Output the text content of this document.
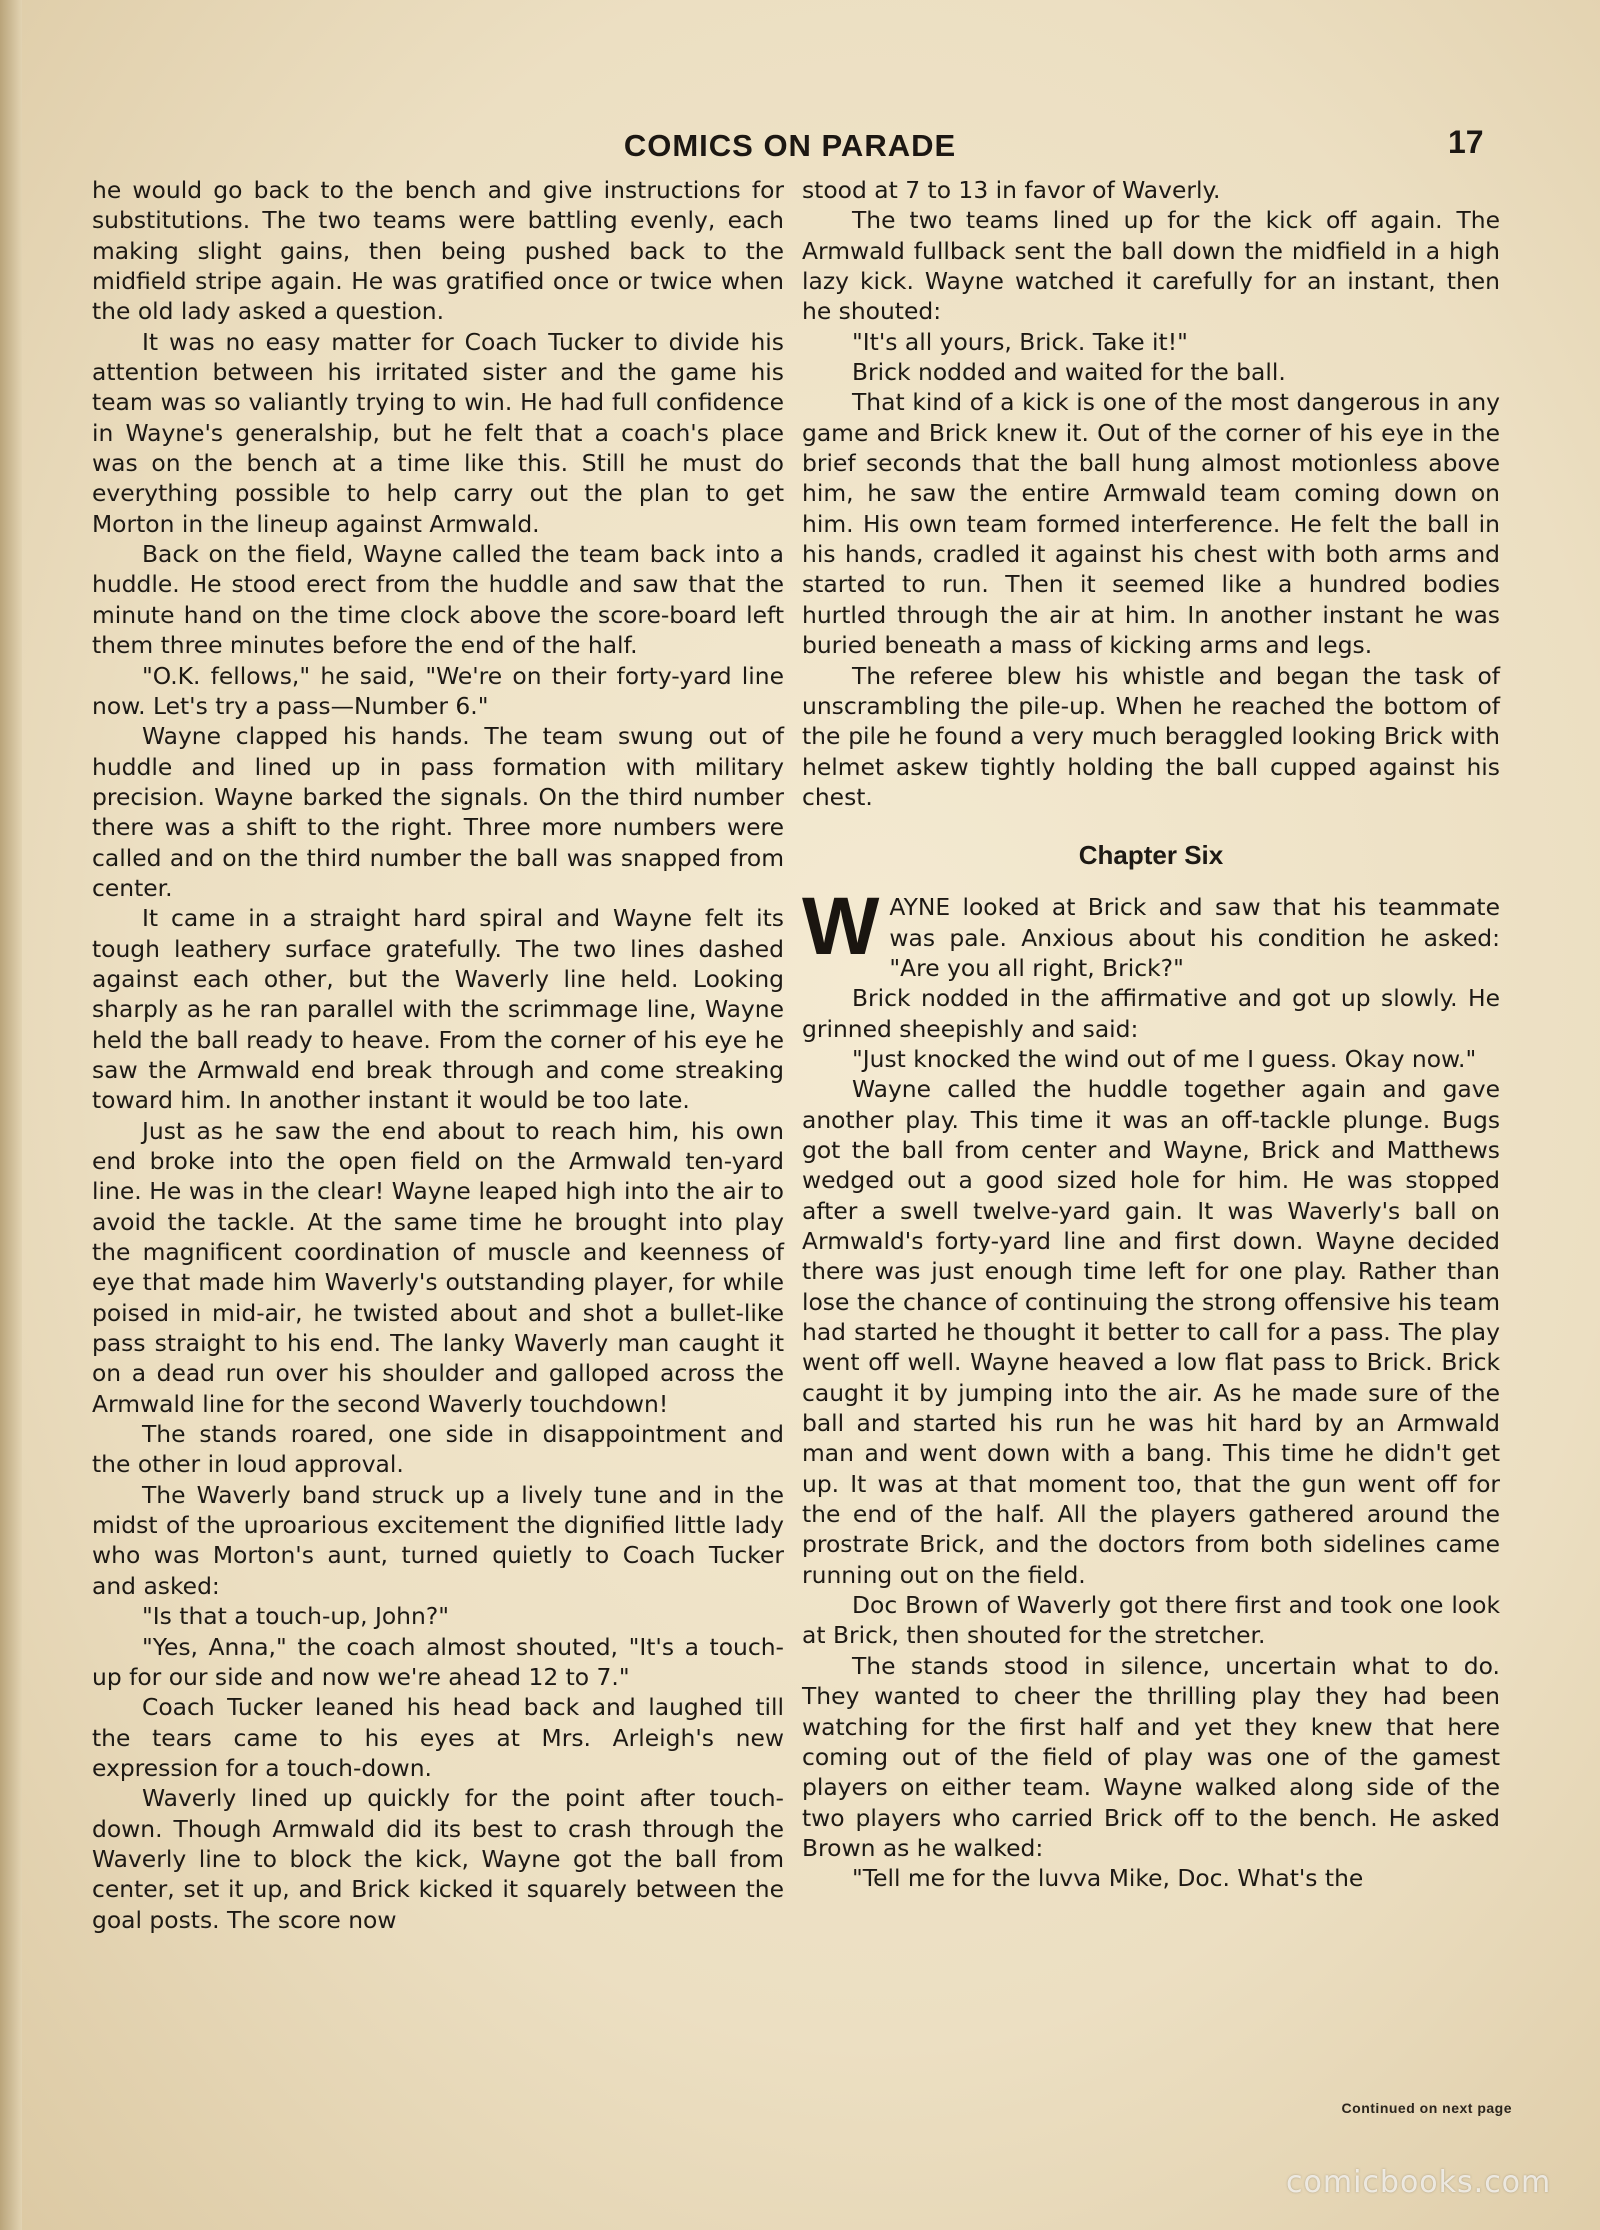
COMICS ON PARADE	17

he would go back to the bench and give instructions for substitutions. The two teams were battling evenly, each making slight gains, then being pushed back to the midfield stripe again. He was gratified once or twice when the old lady asked a question.

It was no easy matter for Coach Tucker to divide his attention between his irritated sister and the game his team was so valiantly trying to win. He had full confidence in Wayne's generalship, but he felt that a coach's place was on the bench at a time like this. Still he must do everything possible to help carry out the plan to get Morton in the lineup against Armwald.

Back on the field, Wayne called the team back into a huddle. He stood erect from the huddle and saw that the minute hand on the time clock above the score-board left them three minutes before the end of the half.

"O.K. fellows," he said, "We're on their forty-yard line now. Let's try a pass—Number 6."

Wayne clapped his hands. The team swung out of huddle and lined up in pass formation with military precision. Wayne barked the signals. On the third number there was a shift to the right. Three more numbers were called and on the third number the ball was snapped from center.

It came in a straight hard spiral and Wayne felt its tough leathery surface gratefully. The two lines dashed against each other, but the Waverly line held. Looking sharply as he ran parallel with the scrimmage line, Wayne held the ball ready to heave. From the corner of his eye he saw the Armwald end break through and come streaking toward him. In another instant it would be too late.

Just as he saw the end about to reach him, his own end broke into the open field on the Armwald ten-yard line. He was in the clear! Wayne leaped high into the air to avoid the tackle. At the same time he brought into play the magnificent coordination of muscle and keenness of eye that made him Waverly's outstanding player, for while poised in mid-air, he twisted about and shot a bullet-like pass straight to his end. The lanky Waverly man caught it on a dead run over his shoulder and galloped across the Armwald line for the second Waverly touchdown!

The stands roared, one side in disappointment and the other in loud approval.

The Waverly band struck up a lively tune and in the midst of the uproarious excitement the dignified little lady who was Morton's aunt, turned quietly to Coach Tucker and asked:

"Is that a touch-up, John?"

"Yes, Anna," the coach almost shouted, "It's a touch-up for our side and now we're ahead 12 to 7."

Coach Tucker leaned his head back and laughed till the tears came to his eyes at Mrs. Arleigh's new expression for a touch-down.

Waverly lined up quickly for the point after touch-down. Though Armwald did its best to crash through the Waverly line to block the kick, Wayne got the ball from center, set it up, and Brick kicked it squarely between the goal posts. The score now

stood at 7 to 13 in favor of Waverly.

The two teams lined up for the kick off again. The Armwald fullback sent the ball down the midfield in a high lazy kick. Wayne watched it carefully for an instant, then he shouted:

"It's all yours, Brick. Take it!"

Brick nodded and waited for the ball.

That kind of a kick is one of the most dangerous in any game and Brick knew it. Out of the corner of his eye in the brief seconds that the ball hung almost motionless above him, he saw the entire Armwald team coming down on him. His own team formed interference. He felt the ball in his hands, cradled it against his chest with both arms and started to run. Then it seemed like a hundred bodies hurtled through the air at him. In another instant he was buried beneath a mass of kicking arms and legs.

The referee blew his whistle and began the task of unscrambling the pile-up. When he reached the bottom of the pile he found a very much beraggled looking Brick with helmet askew tightly holding the ball cupped against his chest.

Chapter Six

WAYNE looked at Brick and saw that his teammate was pale. Anxious about his condition he asked: "Are you all right, Brick?"

Brick nodded in the affirmative and got up slowly. He grinned sheepishly and said:

"Just knocked the wind out of me I guess. Okay now."

Wayne called the huddle together again and gave another play. This time it was an off-tackle plunge. Bugs got the ball from center and Wayne, Brick and Matthews wedged out a good sized hole for him. He was stopped after a swell twelve-yard gain. It was Waverly's ball on Armwald's forty-yard line and first down. Wayne decided there was just enough time left for one play. Rather than lose the chance of continuing the strong offensive his team had started he thought it better to call for a pass. The play went off well. Wayne heaved a low flat pass to Brick. Brick caught it by jumping into the air. As he made sure of the ball and started his run he was hit hard by an Armwald man and went down with a bang. This time he didn't get up. It was at that moment too, that the gun went off for the end of the half. All the players gathered around the prostrate Brick, and the doctors from both sidelines came running out on the field.

Doc Brown of Waverly got there first and took one look at Brick, then shouted for the stretcher.

The stands stood in silence, uncertain what to do. They wanted to cheer the thrilling play they had been watching for the first half and yet they knew that here coming out of the field of play was one of the gamest players on either team. Wayne walked along side of the two players who carried Brick off to the bench. He asked Brown as he walked:

"Tell me for the luvva Mike, Doc. What's the

Continued on next page
comicbooks.com
